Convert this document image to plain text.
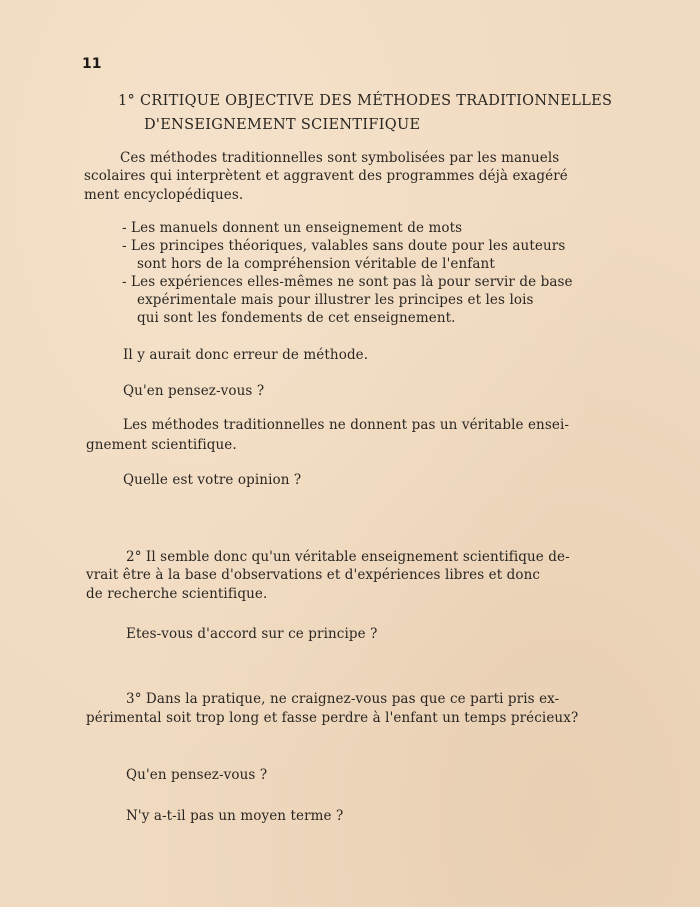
11
1° CRITIQUE OBJECTIVE DES MÉTHODES TRADITIONNELLES
D'ENSEIGNEMENT SCIENTIFIQUE
Ces méthodes traditionnelles sont symbolisées par les manuels
scolaires qui interprètent et aggravent des programmes déjà exagéré
ment encyclopédiques.
- Les manuels donnent un enseignement de mots
- Les principes théoriques, valables sans doute pour les auteurs
sont hors de la compréhension véritable de l'enfant
- Les expériences elles-mêmes ne sont pas là pour servir de base
expérimentale mais pour illustrer les principes et les lois
qui sont les fondements de cet enseignement.
Il y aurait donc erreur de méthode.
Qu'en pensez-vous ?
Les méthodes traditionnelles ne donnent pas un véritable ensei-
gnement scientifique.
Quelle est votre opinion ?
2° Il semble donc qu'un véritable enseignement scientifique de-
vrait être à la base d'observations et d'expériences libres et donc
de recherche scientifique.
Etes-vous d'accord sur ce principe ?
3° Dans la pratique, ne craignez-vous pas que ce parti pris ex-
périmental soit trop long et fasse perdre à l'enfant un temps précieux?
Qu'en pensez-vous ?
N'y a-t-il pas un moyen terme ?
